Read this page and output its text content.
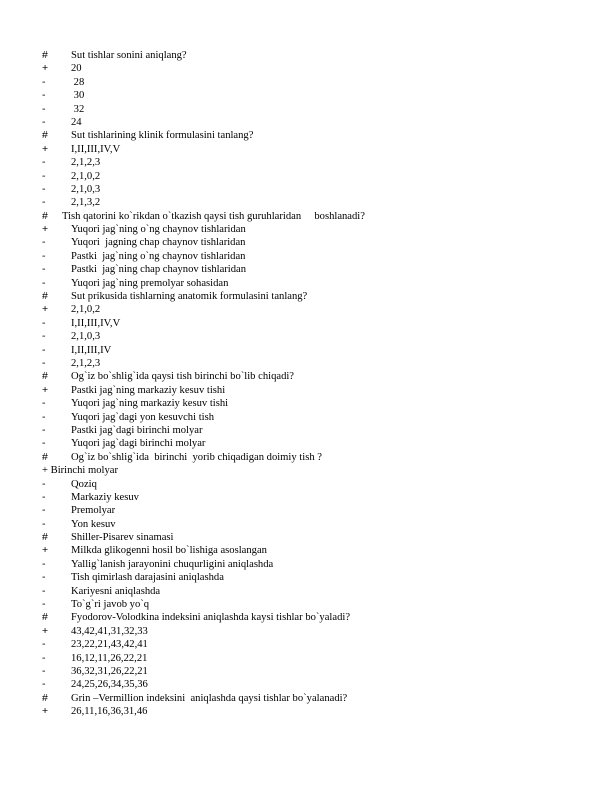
# Sut tishlar sonini aniqlang?
+ 20
- 28
- 30
- 32
- 24
# Sut tishlarining klinik formulasini tanlang?
+ I,II,III,IV,V
- 2,1,2,3
- 2,1,0,2
- 2,1,0,3
- 2,1,3,2
# Tish qatorini ko`rikdan o`tkazish qaysi tish guruhlaridan     boshlanadi?
+ Yuqori jag`ning o`ng chaynov tishlaridan
- Yuqori  jagning chap chaynov tishlaridan
- Pastki  jag`ning o`ng chaynov tishlaridan
- Pastki  jag`ning chap chaynov tishlaridan
- Yuqori jag`ning premolyar sohasidan
# Sut prikusida tishlarning anatomik formulasini tanlang?
+ 2,1,0,2
- I,II,III,IV,V
- 2,1,0,3
- I,II,III,IV
- 2,1,2,3
# Og`iz bo`shlig`ida qaysi tish birinchi bo`lib chiqadi?
+ Pastki jag`ning markaziy kesuv tishi
- Yuqori jag`ning markaziy kesuv tishi
- Yuqori jag`dagi yon kesuvchi tish
- Pastki jag`dagi birinchi molyar
- Yuqori jag`dagi birinchi molyar
# Og`iz bo`shlig`ida  birinchi  yorib chiqadigan doimiy tish ?
+ Birinchi molyar
- Qoziq
- Markaziy kesuv
- Premolyar
- Yon kesuv
# Shiller-Pisarev sinamasi
+ Milkda glikogenni hosil bo`lishiga asoslangan
- Yallig`lanish jarayonini chuqurligini aniqlashda
- Tish qimirlash darajasini aniqlashda
- Kariyesni aniqlashda
- To`g`ri javob yo`q
# Fyodorov-Volodkina indeksini aniqlashda kaysi tishlar bo`yaladi?
+ 43,42,41,31,32,33
- 23,22,21,43,42,41
- 16,12,11,26,22,21
- 36,32,31,26,22,21
- 24,25,26,34,35,36
# Grin –Vermillion indeksini  aniqlashda qaysi tishlar bo`yalanadi?
+ 26,11,16,36,31,46
